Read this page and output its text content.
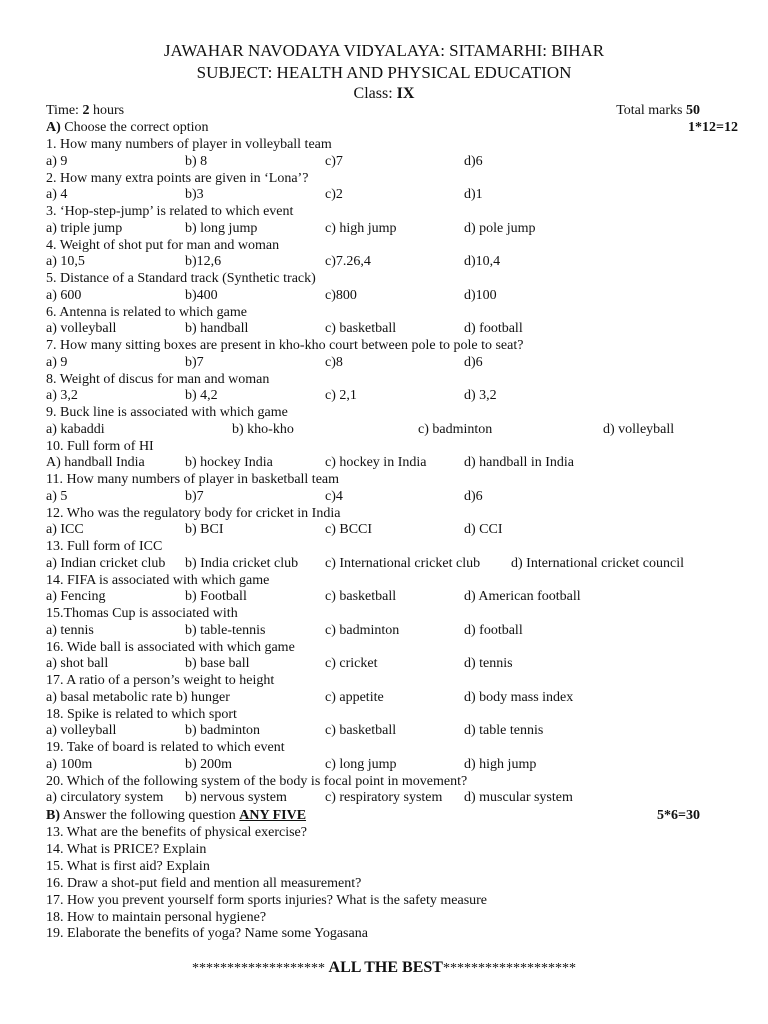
JAWAHAR NAVODAYA VIDYALAYA: SITAMARHI: BIHAR
SUBJECT: HEALTH AND PHYSICAL EDUCATION
Class: IX
Time: 2 hours	Total marks 50
A) Choose the correct option	1*12=12
1. How many numbers of player in volleyball team
a) 9	b) 8	c)7	d)6
2. How many extra points are given in ‘Lona’?
a) 4	b)3	c)2	d)1
3. ‘Hop-step-jump’ is related to which event
a) triple jump	b) long jump	c) high jump	d) pole jump
4. Weight of shot put for man and woman
a) 10,5	b)12,6	c)7.26,4	d)10,4
5. Distance of a Standard track (Synthetic track)
a) 600	b)400	c)800	d)100
6. Antenna is related to which game
a) volleyball	b) handball	c) basketball	d) football
7. How many sitting boxes are present in kho-kho court between pole to pole to seat?
a) 9	b)7	c)8	d)6
8. Weight of discus for man and woman
a) 3,2	b) 4,2	c) 2,1	d) 3,2
9. Buck line is associated with which game
a) kabaddi	b) kho-kho	c) badminton	d) volleyball
10. Full form of HI
A) handball India	b) hockey India	c) hockey in India	d) handball in India
11. How many numbers of player in basketball team
a) 5	b)7	c)4	d)6
12. Who was the regulatory body for cricket in India
a) ICC	b) BCI	c) BCCI	d) CCI
13. Full form of ICC
a) Indian cricket club b) India cricket club c) International cricket club d) International cricket council
14. FIFA is associated with which game
a) Fencing	b) Football	c) basketball	d) American football
15.Thomas Cup is associated with
a) tennis	b) table-tennis	c) badminton	d) football
16. Wide ball is associated with which game
a) shot ball	b) base ball	c) cricket	d) tennis
17. A ratio of a person’s weight to height
a) basal metabolic rate b) hunger	c) appetite	d) body mass index
18. Spike is related to which sport
a) volleyball	b) badminton	c) basketball	d) table tennis
19. Take of board is related to which event
a) 100m	b) 200m	c) long jump	d) high jump
20. Which of the following system of the body is focal point in movement?
a) circulatory system b) nervous system	c) respiratory system d) muscular system
B) Answer the following question ANY FIVE	5*6=30
13. What are the benefits of physical exercise?
14. What is PRICE? Explain
15. What is first aid? Explain
16. Draw a shot-put field and mention all measurement?
17. How you prevent yourself form sports injuries? What is the safety measure
18. How to maintain personal hygiene?
19. Elaborate the benefits of yoga? Name some Yogasana
******************* ALL THE BEST*******************
